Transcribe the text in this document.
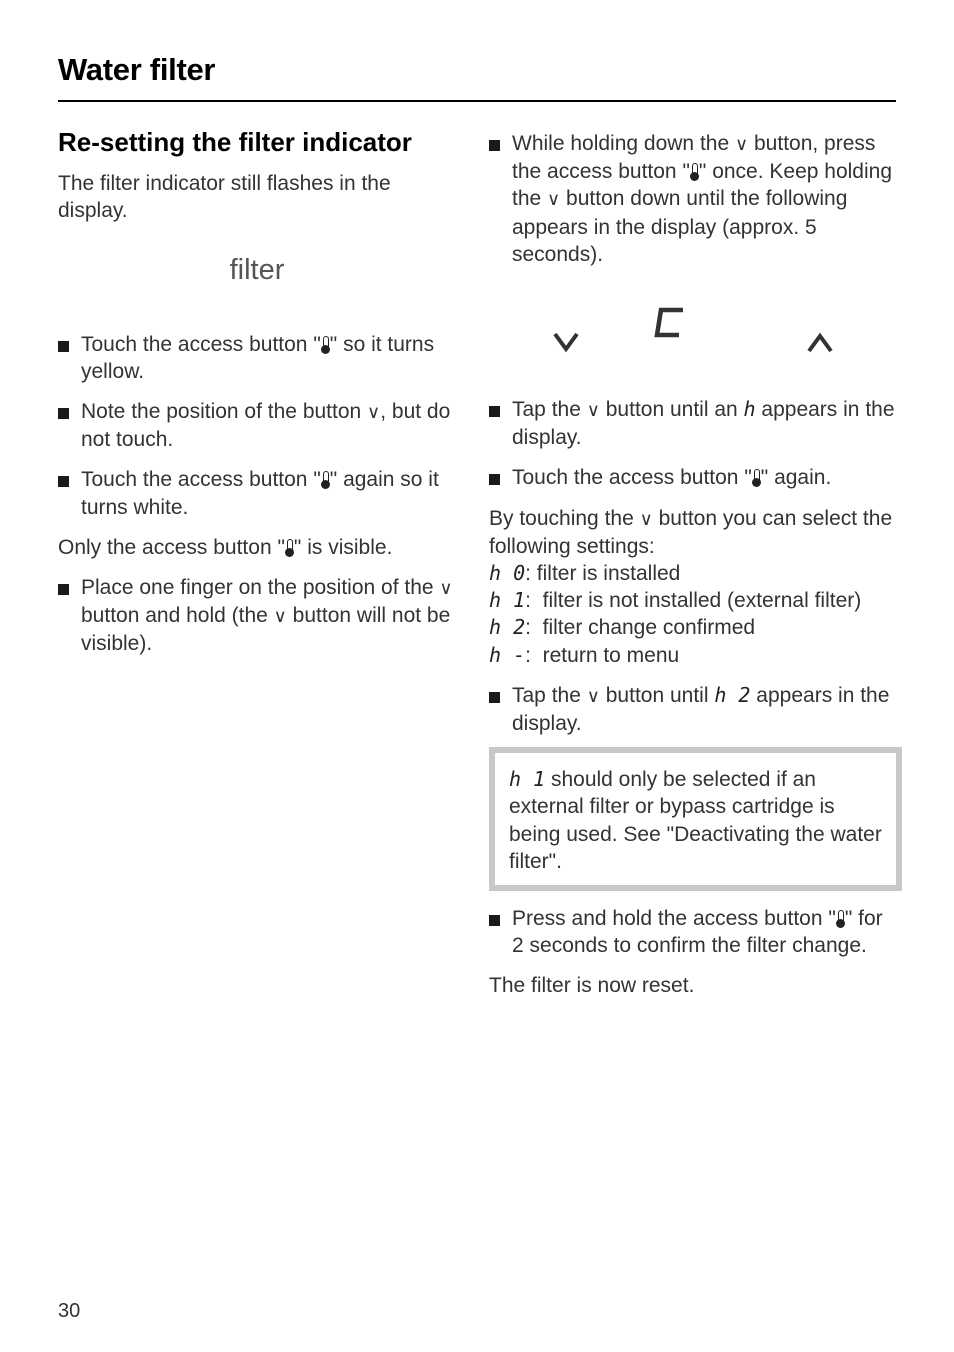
Water filter
Re-setting the filter indicator

The filter indicator still flashes in the display.

filter
Touch the access button " " so it turns yellow.
Note the position of the button ∨, but do not touch.
Touch the access button " " again so it turns white.

Only the access button " " is visible.

Place one finger on the position of the ∨ button and hold (the ∨ button will not be visible).
While holding down the ∨ button, press the access button " " once. Keep holding the ∨ button down until the following appears in the display (approx. 5 seconds).
Tap the ∨ button until an h appears in the display.
Touch the access button " " again.

By touching the ∨ button you can select the following settings:

h 0: filter is installed
h 1:  filter is not installed (external filter)
h 2:  filter change confirmed
h -:  return to menu
Tap the ∨ button until h 2 appears in the display.
h 1 should only be selected if an external filter or bypass cartridge is being used. See "Deactivating the water filter".
Press and hold the access button " " for 2 seconds to confirm the filter change.

The filter is now reset.

30
